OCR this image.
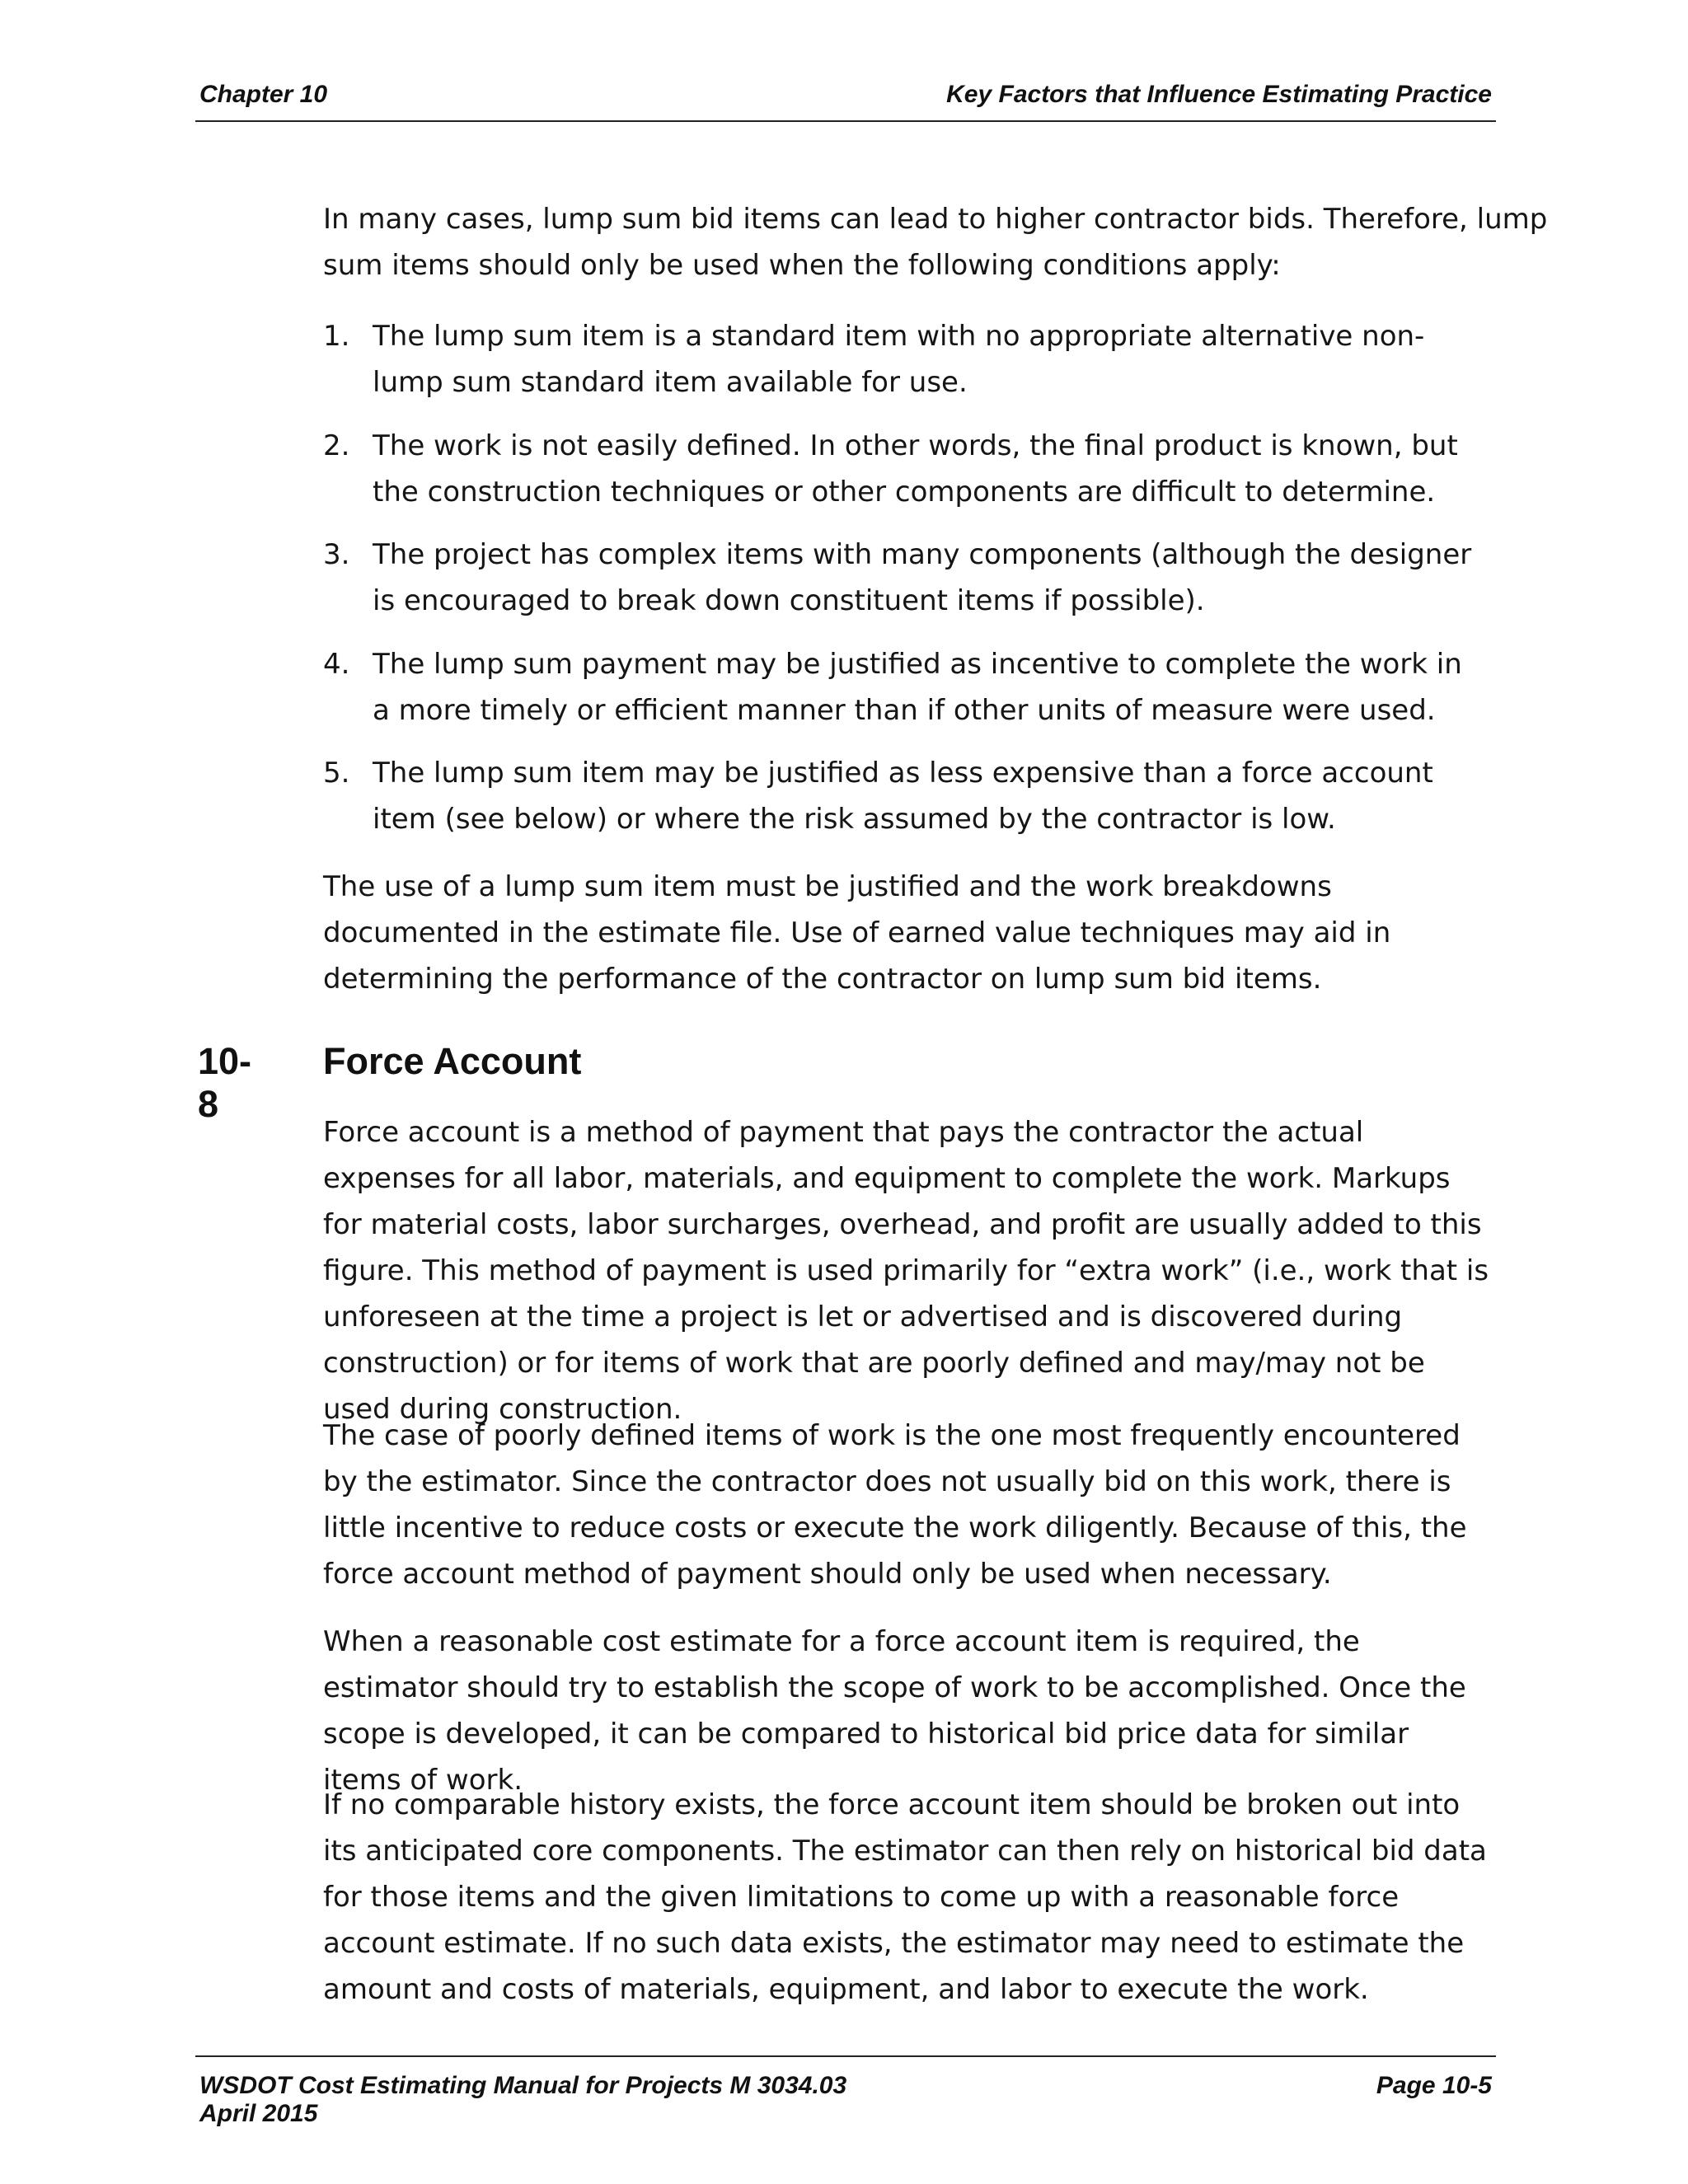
Chapter 10	Key Factors that Influence Estimating Practice
In many cases, lump sum bid items can lead to higher contractor bids. Therefore, lump
sum items should only be used when the following conditions apply:
1. The lump sum item is a standard item with no appropriate alternative non-lump sum standard item available for use.
2. The work is not easily defined. In other words, the final product is known, but the construction techniques or other components are difficult to determine.
3. The project has complex items with many components (although the designer is encouraged to break down constituent items if possible).
4. The lump sum payment may be justified as incentive to complete the work in a more timely or efficient manner than if other units of measure were used.
5. The lump sum item may be justified as less expensive than a force account item (see below) or where the risk assumed by the contractor is low.

The use of a lump sum item must be justified and the work breakdowns documented in the estimate file. Use of earned value techniques may aid in determining the performance of the contractor on lump sum bid items.

10-8
Force Account

Force account is a method of payment that pays the contractor the actual expenses for all labor, materials, and equipment to complete the work. Markups for material costs, labor surcharges, overhead, and profit are usually added to this figure. This method of payment is used primarily for “extra work” (i.e., work that is unforeseen at the time a project is let or advertised and is discovered during construction) or for items of work that are poorly defined and may/may not be used during construction.

The case of poorly defined items of work is the one most frequently encountered by the estimator. Since the contractor does not usually bid on this work, there is little incentive to reduce costs or execute the work diligently. Because of this, the force account method of payment should only be used when necessary.

When a reasonable cost estimate for a force account item is required, the estimator should try to establish the scope of work to be accomplished. Once the scope is developed, it can be compared to historical bid price data for similar items of work.

If no comparable history exists, the force account item should be broken out into its anticipated core components. The estimator can then rely on historical bid data for those items and the given limitations to come up with a reasonable force account estimate. If no such data exists, the estimator may need to estimate the amount and costs of materials, equipment, and labor to execute the work.

WSDOT Cost Estimating Manual for Projects M 3034.03
April 2015
Page 10-5
